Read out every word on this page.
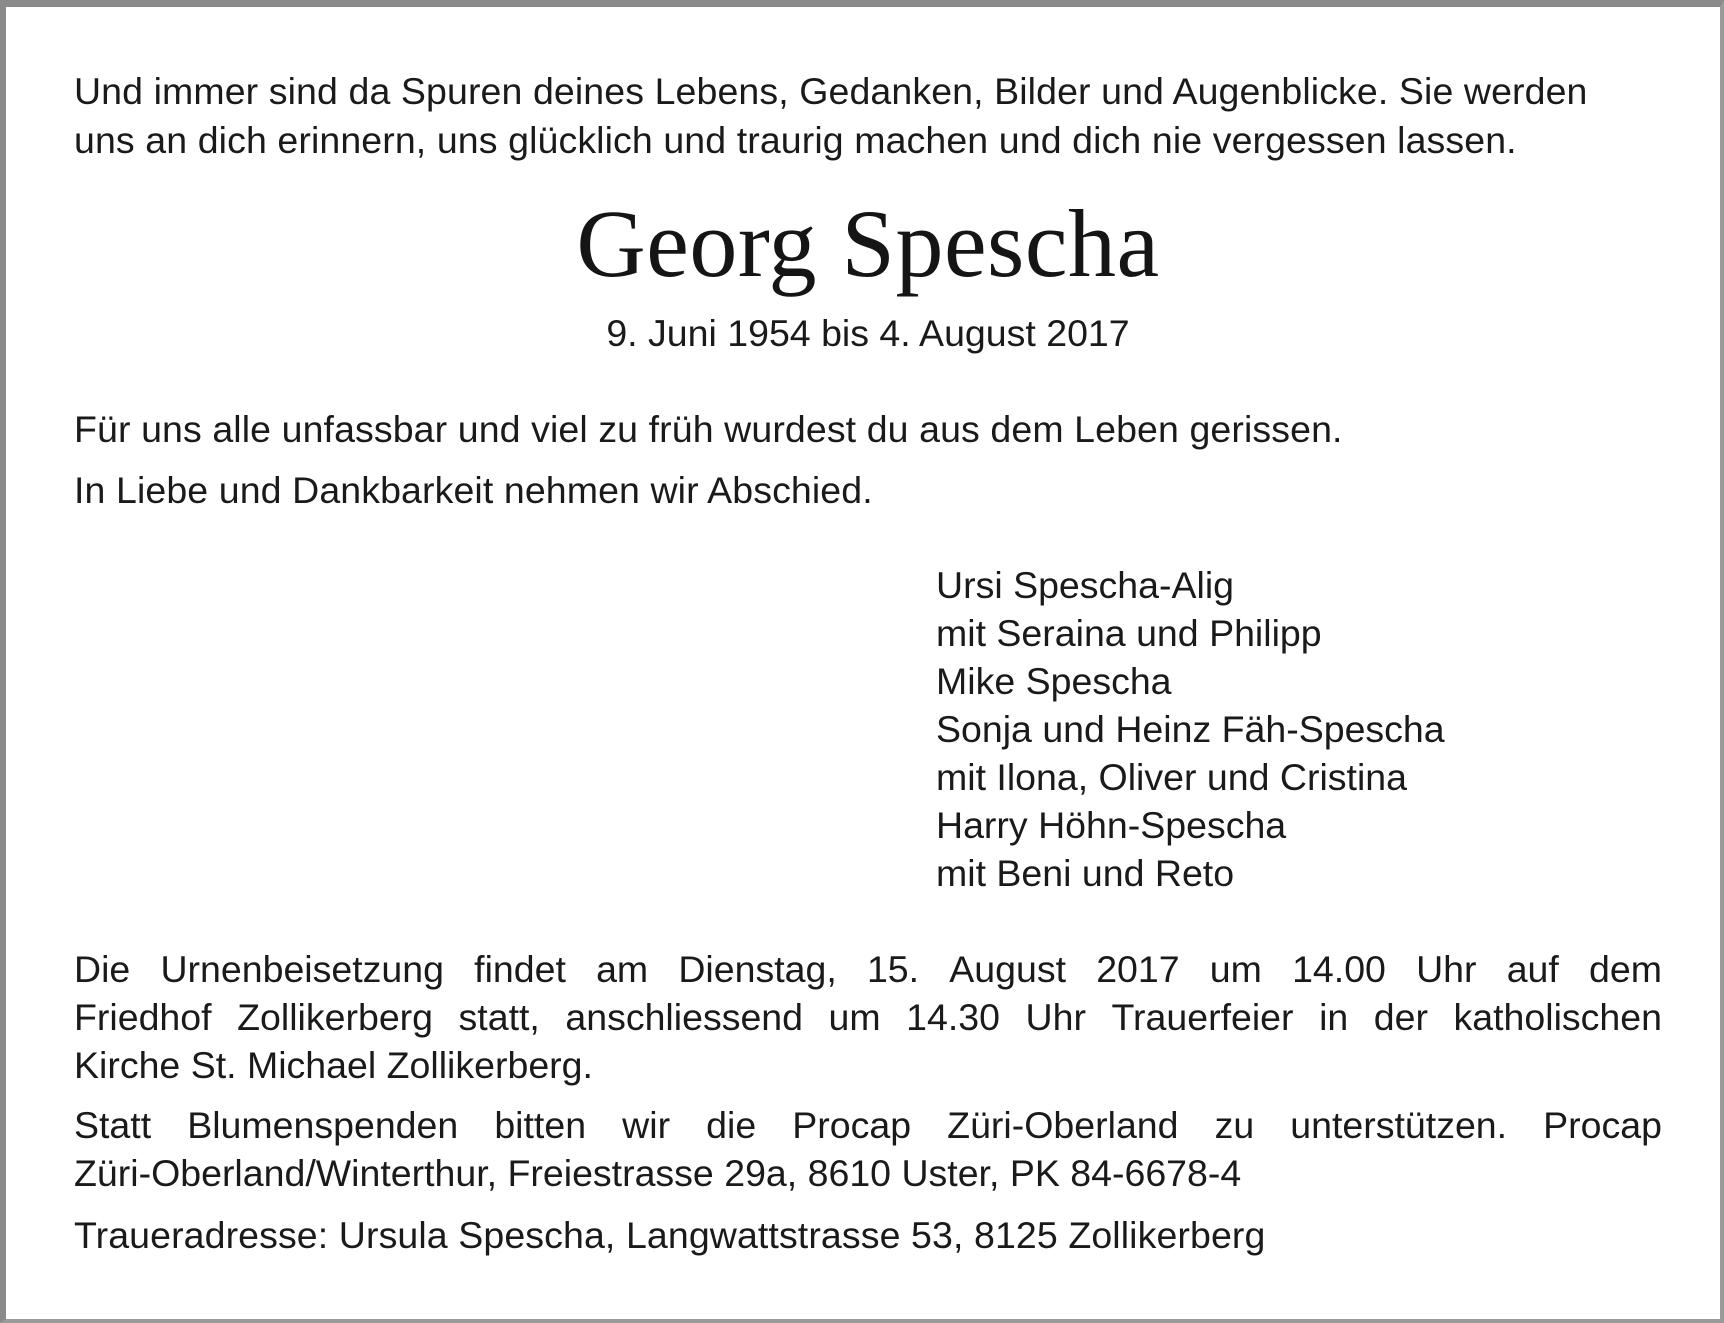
Und immer sind da Spuren deines Lebens, Gedanken, Bilder und Augenblicke. Sie werden
uns an dich erinnern, uns glücklich und traurig machen und dich nie vergessen lassen.
Georg Spescha
9. Juni 1954 bis 4. August 2017
Für uns alle unfassbar und viel zu früh wurdest du aus dem Leben gerissen.
In Liebe und Dankbarkeit nehmen wir Abschied.
Ursi Spescha-Alig
mit Seraina und Philipp
Mike Spescha
Sonja und Heinz Fäh-Spescha
mit Ilona, Oliver und Cristina
Harry Höhn-Spescha
mit Beni und Reto
Die Urnenbeisetzung findet am Dienstag, 15. August 2017 um 14.00 Uhr auf dem
Friedhof Zollikerberg statt, anschliessend um 14.30 Uhr Trauerfeier in der katholischen
Kirche St. Michael Zollikerberg.
Statt Blumenspenden bitten wir die Procap Züri-Oberland zu unterstützen. Procap
Züri-Oberland/Winterthur, Freiestrasse 29a, 8610 Uster, PK 84-6678-4
Traueradresse: Ursula Spescha, Langwattstrasse 53, 8125 Zollikerberg
